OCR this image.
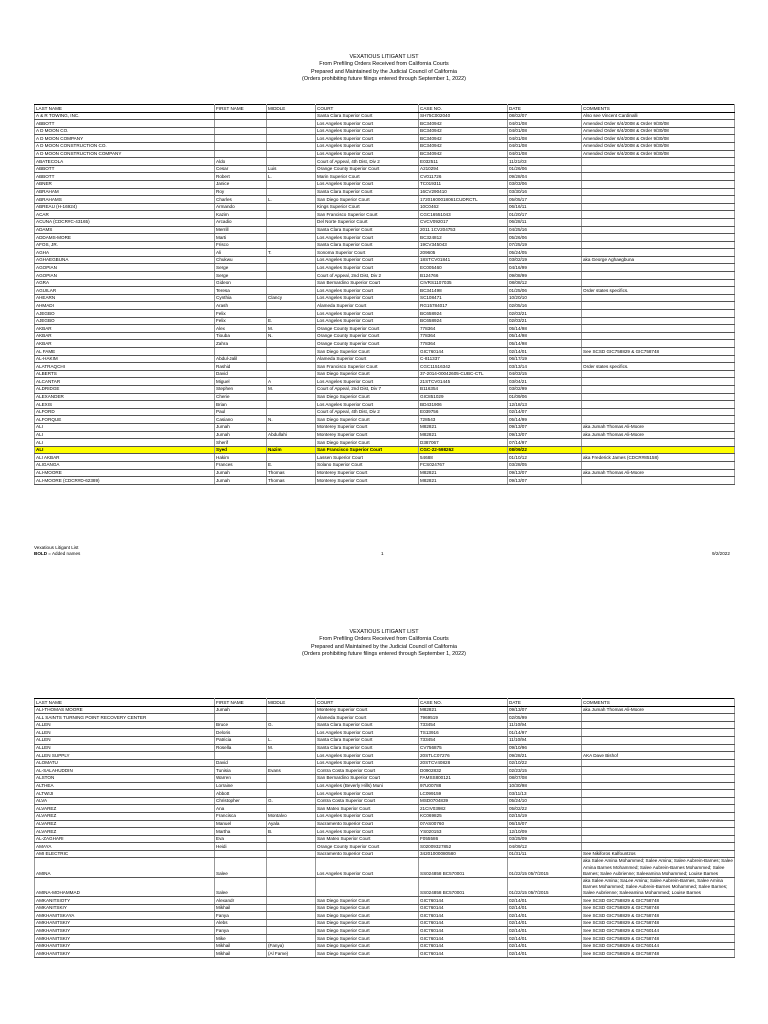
VEXATIOUS LITIGANT LIST
From Prefiling Orders Received from California Courts
Prepared and Maintained by the Judicial Council of California
(Orders prohibiting future filings entered through September 1, 2022)
LAST NAME	FIRST NAME	MIDDLE	COURT	CASE NO.	DATE	COMMENTS
A & R TOWING, INC.			Santa Clara Superior Court	SH75C002040	08/02/07	Also see Vincent Cardinalli
ABBOTT			Los Angeles Superior Court	BC340942	04/01/08	Amended Order 6/4/2008 & Order 9/30/08
A D MOON CO.			Los Angeles Superior Court	BC340942	04/01/08	Amended Order 6/4/2008 & Order 9/30/08
A D MOON COMPANY			Los Angeles Superior Court	BC340942	04/01/08	Amended Order 6/4/2008 & Order 9/30/08
A D MOON CONSTRUCTION CO.			Los Angeles Superior Court	BC340942	04/01/08	Amended Order 6/4/2008 & Order 9/30/08
A D MOON CONSTRUCTION COMPANY			Los Angeles Superior Court	BC340942	04/01/08	Amended Order 6/4/2008 & Order 9/30/08
ABATECOLA	Aldo		Court of Appeal, 4th Dist, Div 2	E032511	11/21/03	
ABBOTT	Cesar	Luis	Orange County Superior Court	A210294	01/26/06	
ABBOTT	Robert	L.	Marin Superior Court	CV011726	09/28/04	
ABNER	Janice		Los Angeles Superior Court	TC019311	03/03/06	
ABRAHAM	Roy		Santa Clara Superior Court	16CV290410	03/30/16	
ABRAHAMS	Charles	L.	San Diego Superior Court	17201600018061CUDRCTL	05/05/17	
ABREAU (H-16924)	Armando		Kings Superior Court	10C0462	06/16/11	
ACAR	Kazim		San Francisco Superior Court	CGC16551043	01/20/17	
ACUNA (CDCR#C-43165)	Arcadio		Del Norte Superior Court	CVCV092017	06/28/11	
ADAMS	Merrill		Santa Clara Superior Court	2011 1CV204753	04/25/16	
ADDAMS-MORE	Marti		Los Angeles Superior Court	BC324812	05/26/06	
AFOS, JR.	Frisco		Santa Clara Superior Court	19CV345043	07/25/19	
AGHA	Ali	T.	Sonoma Superior Court	209605	05/24/05	
AGHAEGBUNA	Chukwu		Los Angeles Superior Court	18STCV01841	03/02/19	aka George Aghaegbuna
AGOPIAN	Serge		Los Angeles Superior Court	EC005460	04/16/99	
AGOPIAN	Serge		Court of Appeal, 2nd Dist, Div 2	B124766	09/08/99	
AGRA	Gideon		San Bernardino Superior Court	CIVRS1107035	08/08/12	
AGUILAR	Teresa		Los Angeles Superior Court	BC341498	01/25/06	Order states specifics.
AHEARN	Cynthia	Clancy	Los Angeles Superior Court	SC108471	10/20/10	
AHMADI	Arash		Alameda Superior Court	RG15784017	02/05/16	
AJEGBO	Felix		Los Angeles Superior Court	BC658924	02/03/21	
AJEGBO	Felix	E.	Los Angeles Superior Court	BC658924	02/03/21	
AKBAR	Alex	M.	Orange County Superior Court	778364	05/14/98	
AKBAR	Tiouba	N.	Orange County Superior Court	778364	05/14/98	
AKBAR	Zahra		Orange County Superior Court	778364	05/14/98	
AL FAME			San Diego Superior Court	GIC760144	02/14/01	See SCSD GIC758829 & GIC758748
AL-HAKIM	Abdul-Jalil		Alameda Superior Court	C-811337	06/17/19	
ALATRAQCHI	Rashid		San Francisco Superior Court	CGC11516342	03/13/14	Order states specifics.
ALBERTS	David		San Diego Superior Court	37-2014-00042605-CUBC-CTL	04/03/15	
ALCANTAR	Miguel	A	Los Angeles Superior Court	21STCV01445	03/04/21	
ALDRIDGE	Stephen	M.	Court of Appeal, 2nd Dist, Div 7	B116354	03/02/99	
ALEXANDER	Cherie		San Diego Superior Court	GIC851029	01/09/06	
ALEXIS	Brian		Los Angeles Superior Court	BD431906	12/18/13	
ALFORD	Paul		Court of Appeal, 4th Dist, Div 2	E039756	02/14/07	
ALFORQUE	Casiano	N.	San Diego Superior Court	728543	05/14/99	
ALI	Jumah		Monterey Superior Court	M82821	09/13/07	aka Jumah Thomas Ali-Moore
ALI	Jumah	Abdullahi	Monterey Superior Court	M82821	09/13/07	aka Jumah Thomas Ali-Moore
ALI	Sherif		San Diego Superior Court	D387067	07/14/97	
ALI	Syed	Nazim	San Francisco Superior Court	CGC-22-598262	08/09/22	
ALI AKBAR	Hakim		Lassen Superior Court	54688	01/10/12	aka Frederick James (CDCR#85158)
ALIGANGA	Frances	E.	Solano Superior Court	FCS024767	03/28/05	
ALI-MOORE	Jumah	Thomas	Monterey Superior Court	M82821	09/13/07	aka Jumah Thomas Ali-Moore
ALI-MOORE (CDCR#D-62389)	Jumah	Thomas	Monterey Superior Court	M82821	09/13/07	
Vexatious Litigant List
BOLD = Added names	1	9/2/2022
VEXATIOUS LITIGANT LIST
From Prefiling Orders Received from California Courts
Prepared and Maintained by the Judicial Council of California
(Orders prohibiting future filings entered through September 1, 2022)
LAST NAME	FIRST NAME	MIDDLE	COURT	CASE NO.	DATE	COMMENTS
ALI-THOMAS MOORE	Jumah		Monterey Superior Court	M82821	09/13/07	aka Jumah Thomas Ali-Moore
ALL SAINTS TURNING POINT RECOVERY CENTER			Alameda Superior Court	7969519	02/05/99	
ALLEN	Bruce	G.	Santa Clara Superior Court	733454	11/10/94	
ALLEN	Deloris		Los Angeles Superior Court	TS13916	01/14/97	
ALLEN	Patricia	L.	Santa Clara Superior Court	733454	11/10/94	
ALLEN	Rosella	M.	Santa Clara Superior Court	CV756875	09/10/96	
ALLEN SUPPLY			Los Angeles Superior Court	20STLC07276	09/28/21	AKA Dave Bishof
ALOMATU	David		Los Angeles Superior Court	20STCV40828	02/10/22	
AL-SALAHUDDIN	Tunisia	Evans	Contra Costa Superior Court	D0902832	02/23/15	
ALSTON	Warren		San Bernardino Superior Court	FAMSS800121	08/07/08	
ALTHEA	Lorraine		Los Angeles (Beverly Hills) Muni	97U00788	10/30/98	
ALTWIJI	Abbott		Los Angeles Superior Court	LC099159	03/11/13	
ALVA	Christopher	G.	Contra Costa Superior Court	MSD0704839	05/24/10	
ALVAREZ	Ana		San Mateo Superior Court	21CIV03982	05/02/22	
ALVAREZ	Francisca	Montalvo	Los Angeles Superior Court	KC069825	02/15/19	
ALVAREZ	Manuel	Ayala	Sacramento Superior Court	07AS00760	06/15/07	
ALVAREZ	Martha	B.	Los Angeles Superior Court	YS020153	12/10/09	
AL-ZAGHARI	Eva		San Mateo Superior Court	F055586	03/25/09	
AMAYA	Heidi		Orange County Superior Court	S02009327852	04/09/12	
AMI ELECTRIC			Sacramento Superior Court	34201000080580	01/31/11	See Nikiforos Kalfountzos
AMINA	Salee		Los Angeles Superior Court	SS024858 BC570001	01/22/15 05/7/2015	aka Salee Amina Mohammed; Salee Amina; Salee Aubrein-Barnes; Salee Amina Barnes Mohammed; Salee Aubrein-Barnes Mohammed; Salee Barnes; Salee Aubrienne; Saleeamina Mohammed; Louise Barnes
AMINA-MOHAMMAD	Salee			SS024858 BC570001	01/22/15 05/7/2015	aka Salee Amina; SaLee Amina; Salee Aubrein-Barnes, Salee Amina Barnes Mohammed; Salee Aubrein-Barnes Mohammed; Salee Barnes; Salee Aubrienne; Saleeamina Mohammed; Louise Barnes
AMKANITSIOTY	Alexandr		San Diego Superior Court	GIC760144	02/14/01	See SCSD GIC758829 & GIC758748
AMKANITSKIY	Mikhail		San Diego Superior Court	GIC760144	02/14/01	See SCSD GIC758829 & GIC758748
AMKHANITSKAYA	Fanya		San Diego Superior Court	GIC760144	02/14/01	See SCSD GIC758829 & GIC758748
AMKHANITSKIY	Alebs		San Diego Superior Court	GIC760144	02/14/01	See SCSD GIC758829 & GIC758748
AMKHANITSKIY	Fanya		San Diego Superior Court	GIC760144	02/14/01	See SCSD GIC758829 & GIC760144
AMKHANITSKIY	Mike		San Diego Superior Court	GIC760144	02/14/01	See SCSD GIC758829 & GIC758748
AMKHANITSKIY	Mikhail	(Fanya)	San Diego Superior Court	GIC760144	02/14/01	See SCSD GIC758829 & GIC760144
AMKHANITSKIY	Mikhail	(Al Fame)	San Diego Superior Court	GIC760144	02/14/01	See SCSD GIC758829 & GIC758748
